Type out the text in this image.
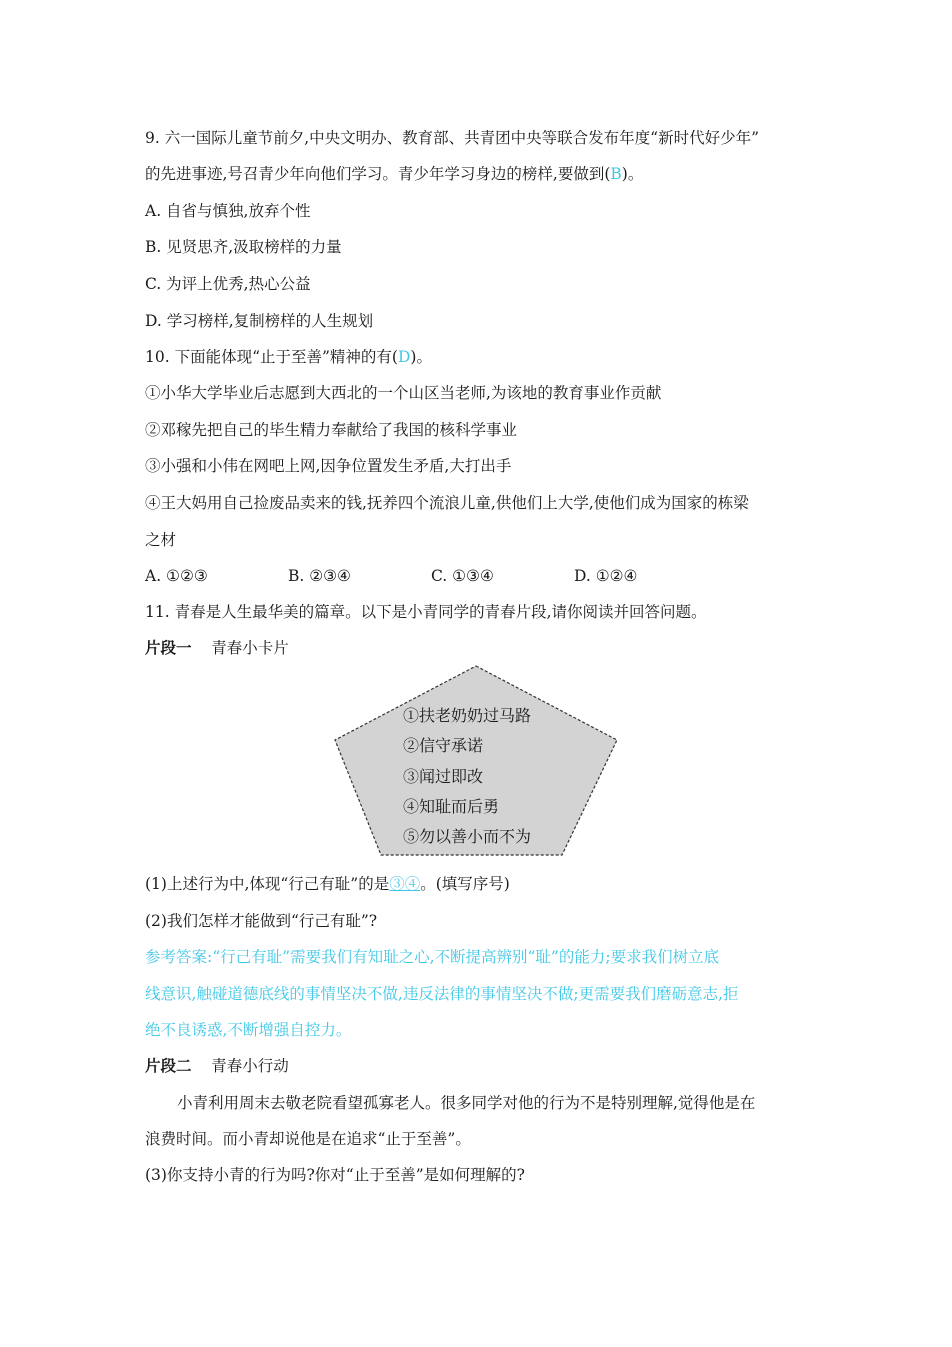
9. 六一国际儿童节前夕,中央文明办、教育部、共青团中央等联合发布年度“新时代好少年”
的先进事迹,号召青少年向他们学习。青少年学习身边的榜样,要做到(B)。
A. 自省与慎独,放弃个性
B. 见贤思齐,汲取榜样的力量
C. 为评上优秀,热心公益
D. 学习榜样,复制榜样的人生规划
10. 下面能体现“止于至善”精神的有(D)。
①小华大学毕业后志愿到大西北的一个山区当老师,为该地的教育事业作贡献
②邓稼先把自己的毕生精力奉献给了我国的核科学事业
③小强和小伟在网吧上网,因争位置发生矛盾,大打出手
④王大妈用自己捡废品卖来的钱,抚养四个流浪儿童,供他们上大学,使他们成为国家的栋梁
之材
A. ①②③	B. ②③④	C. ①③④	D. ①②④
11. 青春是人生最华美的篇章。以下是小青同学的青春片段,请你阅读并回答问题。
片段一 青春小卡片
①扶老奶奶过马路
②信守承诺
③闻过即改
④知耻而后勇
⑤勿以善小而不为
(1)上述行为中,体现“行己有耻”的是③④。(填写序号)
(2)我们怎样才能做到“行己有耻”?
参考答案:“行己有耻”需要我们有知耻之心,不断提高辨别“耻”的能力;要求我们树立底
线意识,触碰道德底线的事情坚决不做,违反法律的事情坚决不做;更需要我们磨砺意志,拒
绝不良诱惑,不断增强自控力。
片段二 青春小行动
小青利用周末去敬老院看望孤寡老人。很多同学对他的行为不是特别理解,觉得他是在
浪费时间。而小青却说他是在追求“止于至善”。
(3)你支持小青的行为吗?你对“止于至善”是如何理解的?
